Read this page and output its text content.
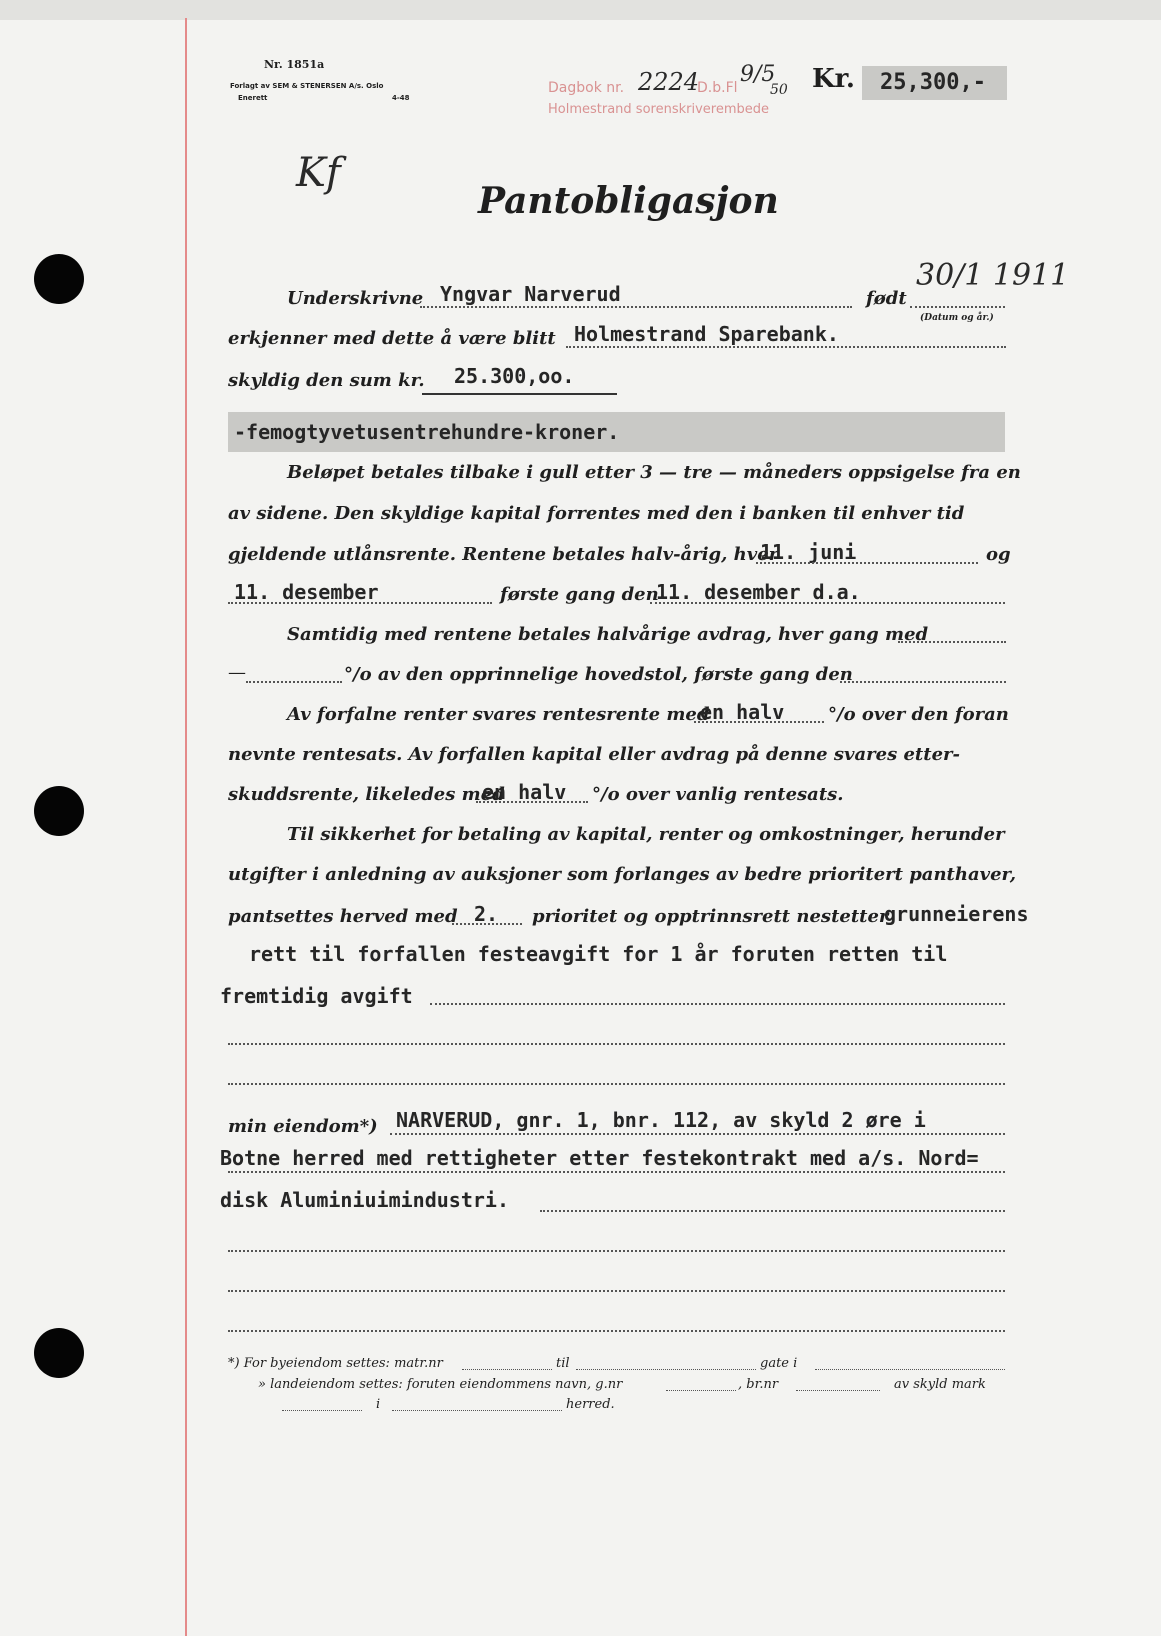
Nr. 1851a
Forlagt av SEM & STENERSEN A/s. Oslo
Enerett	4-48
Dagbok nr. 2224
D.b.Fl
9/5
50
Holmestrand sorenskriverembede
Kr.	25,300,-
Kf
Pantobligasjon
Underskrivne Yngvar Narverud	født
30/1 1911
(Datum og år.)
erkjenner med dette å være blitt Holmestrand Sparebank.
skyldig den sum kr. 25.300,oo.
-femogtyvetusentrehundre-kroner.
Beløpet betales tilbake i gull etter 3 — tre — måneders oppsigelse fra en
av sidene. Den skyldige kapital forrentes med den i banken til enhver tid
gjeldende utlånsrente. Rentene betales halv-årig, hver
11. juni	og
11. desember	første gang den
11. desember d.a.
Samtidig med rentene betales halvårige avdrag, hver gang med
—	°/o av den opprinnelige hovedstol, første gang den
Av forfalne renter svares rentesrente med
en halv °/o over den foran
nevnte rentesats. Av forfallen kapital eller avdrag på denne svares etter-
skuddsrente, likeledes med
en halv °/o over vanlig rentesats.
Til sikkerhet for betaling av kapital, renter og omkostninger, herunder
utgifter i anledning av auksjoner som forlanges av bedre prioritert panthaver,
pantsettes herved med 2. prioritet og opptrinnsrett nestetter
grunneierens
rett til forfallen festeavgift for 1 år foruten retten til
fremtidig avgift
min eiendom*) NARVERUD, gnr. 1, bnr. 112, av skyld 2 øre i
Botne herred med rettigheter etter festekontrakt med a/s. Nord=
disk Aluminiuimindustri.
*) For byeiendom settes: matr.nr	til	gate i
» landeiendom settes: foruten eiendommens navn, g.nr	, br.nr	av skyld mark
i	herred.
